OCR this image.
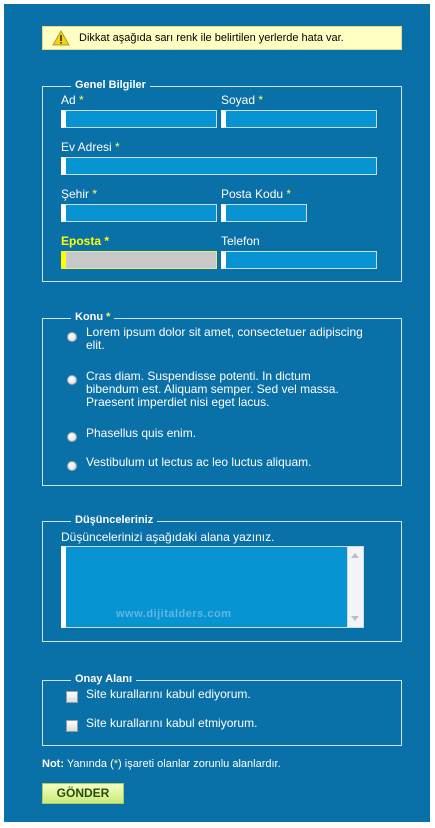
Dikkat aşağıda sarı renk ile belirtilen yerlerde hata var.
Genel Bilgiler
Ad *	Soyad *
Ev Adresi *
Şehir *	Posta Kodu *
Eposta *	Telefon
Konu *
Lorem ipsum dolor sit amet, consectetuer adipiscing elit.
Cras diam. Suspendisse potenti. In dictum bibendum est. Aliquam semper. Sed vel massa. Praesent imperdiet nisi eget lacus.
Phasellus quis enim.
Vestibulum ut lectus ac leo luctus aliquam.
Düşünceleriniz
Düşüncelerinizi aşağıdaki alana yazınız.
www.dijitalders.com
Onay Alanı
Site kurallarını kabul ediyorum.
Site kurallarını kabul etmiyorum.
Not: Yanında (*) işareti olanlar zorunlu alanlardır.
GÖNDER
